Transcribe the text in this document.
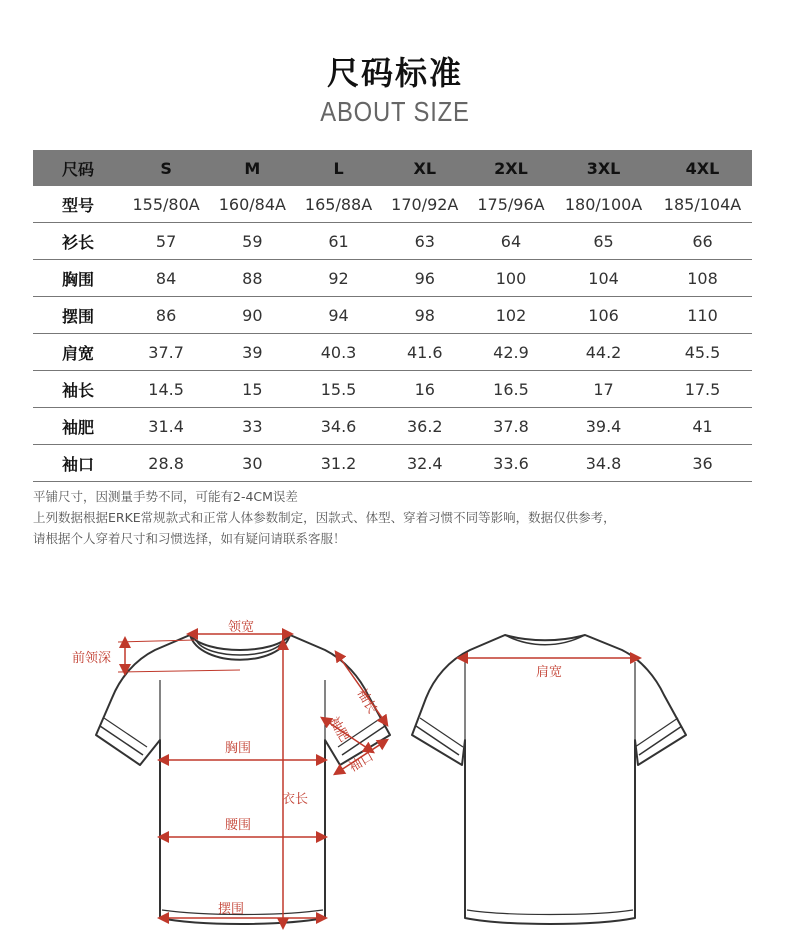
尺码标准
ABOUT SIZE
尺码	S	M	L	XL	2XL	3XL	4XL
型号	155/80A	160/84A	165/88A	170/92A	175/96A	180/100A	185/104A
衫长	57	59	61	63	64	65	66
胸围	84	88	92	96	100	104	108
摆围	86	90	94	98	102	106	110
肩宽	37.7	39	40.3	41.6	42.9	44.2	45.5
袖长	14.5	15	15.5	16	16.5	17	17.5
袖肥	31.4	33	34.6	36.2	37.8	39.4	41
袖口	28.8	30	31.2	32.4	33.6	34.8	36
平铺尺寸，因测量手势不同，可能有2-4CM误差
上列数据根据ERKE常规款式和正常人体参数制定，因款式、体型、穿着习惯不同等影响，数据仅供参考，
请根据个人穿着尺寸和习惯选择，如有疑问请联系客服！
领宽
前领深
袖长
袖肥
袖口
胸围
衣长
腰围
摆围
肩宽
